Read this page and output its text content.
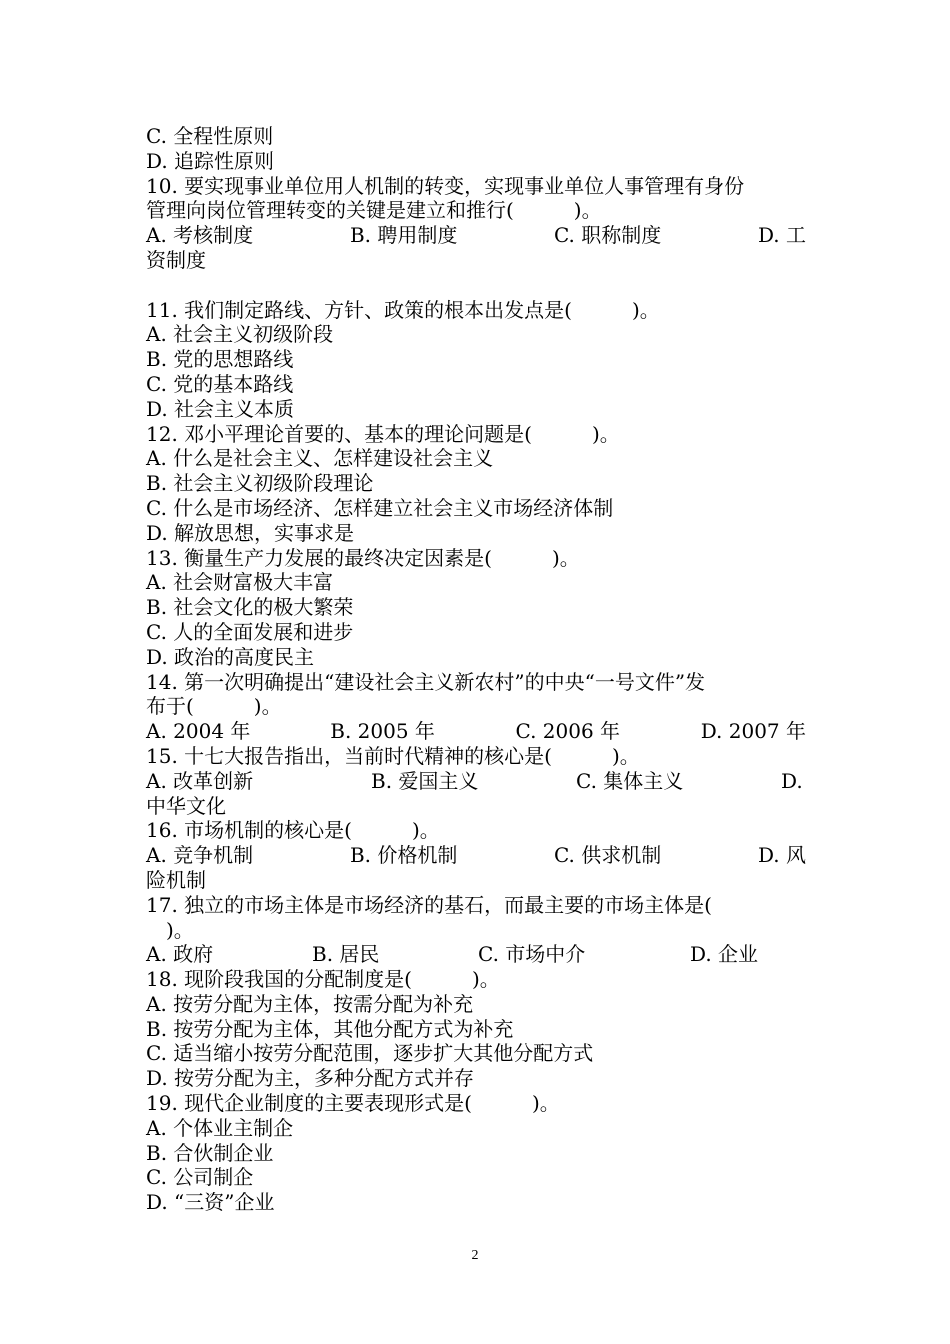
C. 全程性原则
D. 追踪性原则
10. 要实现事业单位用人机制的转变，实现事业单位人事管理有身份
管理向岗位管理转变的关键是建立和推行(　　　)。
A. 考核制度	B. 聘用制度	C. 职称制度	D. 工
资制度
11. 我们制定路线、方针、政策的根本出发点是(　　　)。
A. 社会主义初级阶段
B. 党的思想路线
C. 党的基本路线
D. 社会主义本质
12. 邓小平理论首要的、基本的理论问题是(　　　)。
A. 什么是社会主义、怎样建设社会主义
B. 社会主义初级阶段理论
C. 什么是市场经济、怎样建立社会主义市场经济体制
D. 解放思想，实事求是
13. 衡量生产力发展的最终决定因素是(　　　)。
A. 社会财富极大丰富
B. 社会文化的极大繁荣
C. 人的全面发展和进步
D. 政治的高度民主
14. 第一次明确提出“建设社会主义新农村”的中央“一号文件”发
布于(　　　)。
A. 2004 年	B. 2005 年	C. 2006 年	D. 2007 年
15. 十七大报告指出，当前时代精神的核心是(　　　)。
A. 改革创新	B. 爱国主义	C. 集体主义	D.
中华文化
16. 市场机制的核心是(　　　)。
A. 竞争机制	B. 价格机制	C. 供求机制	D. 风
险机制
17. 独立的市场主体是市场经济的基石，而最主要的市场主体是(
　)。
A. 政府	B. 居民	C. 市场中介	D. 企业
18. 现阶段我国的分配制度是(　　　)。
A. 按劳分配为主体，按需分配为补充
B. 按劳分配为主体，其他分配方式为补充
C. 适当缩小按劳分配范围，逐步扩大其他分配方式
D. 按劳分配为主，多种分配方式并存
19. 现代企业制度的主要表现形式是(　　　)。
A. 个体业主制企
B. 合伙制企业
C. 公司制企
D. “三资”企业
2
